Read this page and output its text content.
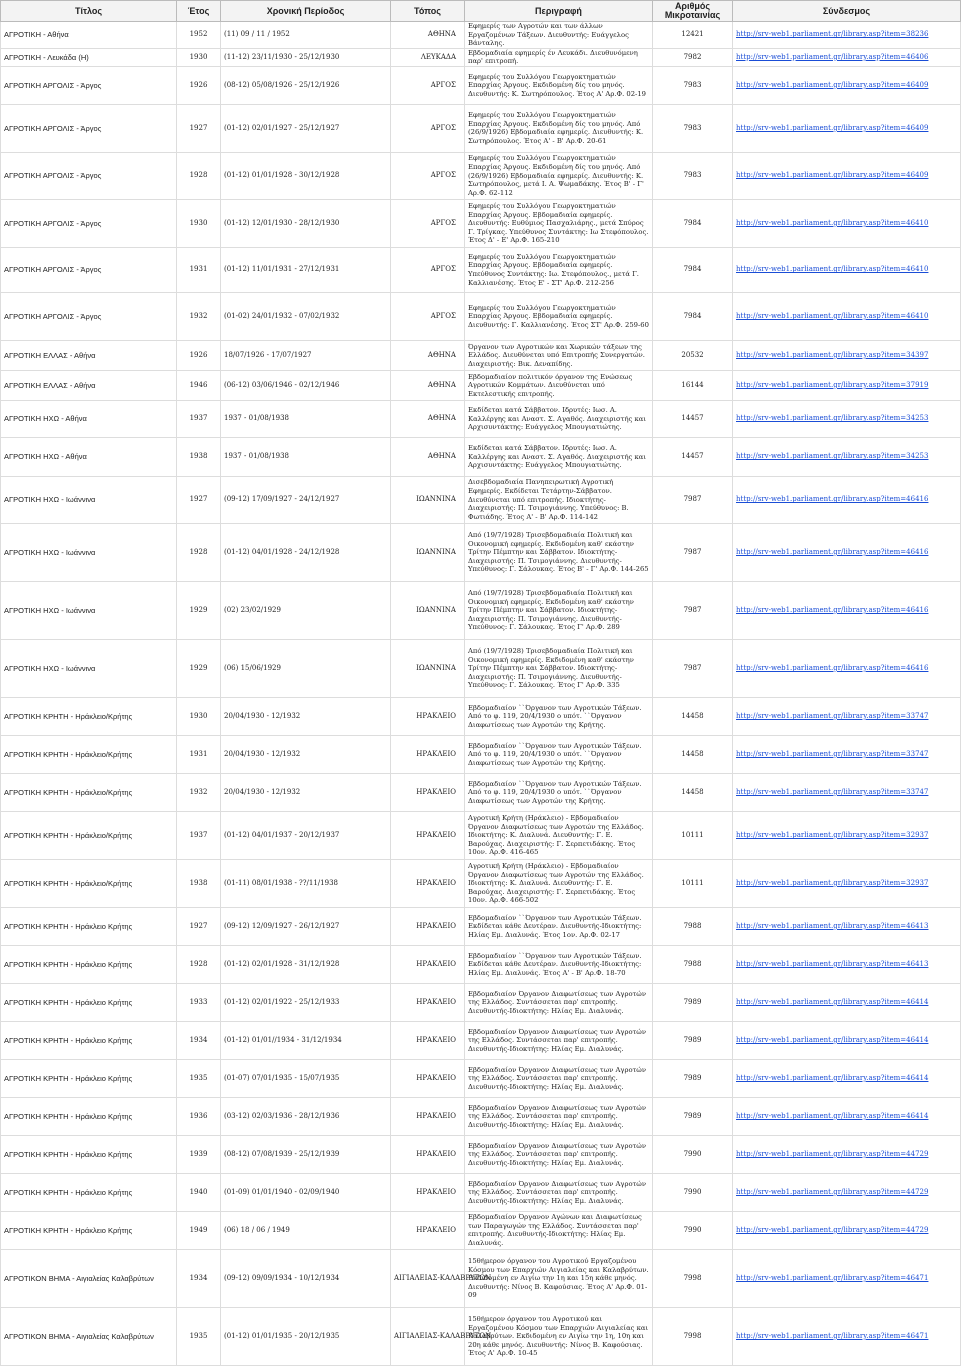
Τίτλος	Έτος	Χρονική Περίοδος	Τόπος	Περιγραφή	Αριθμός Μικροταινίας	Σύνδεσμος
ΑΓΡΟΤΙΚΗ - Αθήνα	1952	(11) 09 / 11 / 1952	ΑΘΗΝΑ	Εφημερίς των Αγροτών και των άλλων Εργαζομένων Τάξεων. Διευθυντής: Ευάγγελος Βάνταλης.	12421	http://srv-web1.parliament.gr/library.asp?item=38236
ΑΓΡΟΤΙΚΗ - Λευκάδα (Η)	1930	(11-12) 23/11/1930 - 25/12/1930	ΛΕΥΚΑΔΑ	Εβδομαδιαία εφημερίς έν Λευκάδι. Διευθυνόμενη παρ' επιτροπή.	7982	http://srv-web1.parliament.gr/library.asp?item=46406
ΑΓΡΟΤΙΚΗ ΑΡΓΟΛΙΣ - Άργος	1926	(08-12) 05/08/1926 - 25/12/1926	ΑΡΓΟΣ	Εφημερίς του Συλλόγου Γεωργοκτηματιών Επαρχίας Άργους. Εκδιδομένη δίς του μηνός. Διευθυντής: Κ. Σωτηρόπουλος. Έτος Α' Αρ.Φ. 02-19	7983	http://srv-web1.parliament.gr/library.asp?item=46409
ΑΓΡΟΤΙΚΗ ΑΡΓΟΛΙΣ - Άργος	1927	(01-12) 02/01/1927 - 25/12/1927	ΑΡΓΟΣ	Εφημερίς του Συλλόγου Γεωργοκτηματιών Επαρχίας Άργους. Εκδιδομένη δίς του μηνός. Από (26/9/1926) Εβδομαδιαία εφημερίς. Διευθυντής: Κ. Σωτηρόπουλος. Έτος Α' - Β' Αρ.Φ. 20-61	7983	http://srv-web1.parliament.gr/library.asp?item=46409
ΑΓΡΟΤΙΚΗ ΑΡΓΟΛΙΣ - Άργος	1928	(01-12) 01/01/1928 - 30/12/1928	ΑΡΓΟΣ	Εφημερίς του Συλλόγου Γεωργοκτηματιών Επαρχίας Άργους. Εκδιδομένη δίς του μηνός. Από (26/9/1926) Εβδομαδιαία εφημερίς. Διευθυντής: Κ. Σωτηρόπουλος, μετά Ι. Α. Ψωμαδάκης. Έτος Β' - Γ' Αρ.Φ. 62-112	7983	http://srv-web1.parliament.gr/library.asp?item=46409
ΑΓΡΟΤΙΚΗ ΑΡΓΟΛΙΣ - Άργος	1930	(01-12) 12/01/1930 - 28/12/1930	ΑΡΓΟΣ	Εφημερίς του Συλλόγου Γεωργοκτηματιών Επαρχίας Άργους. Εβδομαδιαία εφημερίς. Διευθυντής: Ευθύμιος Πασχαλιάρης., μετά Σπύρος Γ. Τρίγκας. Υπεύθυνος Συντάκτης: Ιω Στεφόπουλος. Έτος Δ' - Ε' Αρ.Φ. 165-210	7984	http://srv-web1.parliament.gr/library.asp?item=46410
ΑΓΡΟΤΙΚΗ ΑΡΓΟΛΙΣ - Άργος	1931	(01-12) 11/01/1931 - 27/12/1931	ΑΡΓΟΣ	Εφημερίς του Συλλόγου Γεωργοκτηματιών Επαρχίας Άργους. Εβδομαδιαία εφημερίς. Υπεύθυνος Συντάκτης: Ιω. Στεφόπουλος., μετά Γ. Καλλιανέσης. Έτος Ε' - ΣΤ' Αρ.Φ. 212-256	7984	http://srv-web1.parliament.gr/library.asp?item=46410
ΑΓΡΟΤΙΚΗ ΑΡΓΟΛΙΣ - Άργος	1932	(01-02) 24/01/1932 - 07/02/1932	ΑΡΓΟΣ	Εφημερίς του Συλλόγου Γεωργοκτηματιών Επαρχίας Άργους. Εβδομαδιαία εφημερίς. Διευθυντής: Γ. Καλλιανέσης. Έτος ΣΤ' Αρ.Φ. 259-60	7984	http://srv-web1.parliament.gr/library.asp?item=46410
ΑΓΡΟΤΙΚΗ ΕΛΛΑΣ - Αθήνα	1926	18/07/1926 - 17/07/1927	ΑΘΗΝΑ	Όργανον των Αγροτικών και Χωρικών τάξεων της Ελλάδος. Διευθύνεται υπό Επιτροπής Συνεργατών. Διαχειριστής: Βικ. Δεναπίδης.	20532	http://srv-web1.parliament.gr/library.asp?item=34397
ΑΓΡΟΤΙΚΗ ΕΛΛΑΣ - Αθήνα	1946	(06-12) 03/06/1946 - 02/12/1946	ΑΘΗΝΑ	Εβδομαδιαίον πολιτικόν όργανον της Ενώσεως Αγροτικών Κομμάτων. Διευθύνεται υπό Εκτελεστικής επιτροπής.	16144	http://srv-web1.parliament.gr/library.asp?item=37919
ΑΓΡΟΤΙΚΗ ΗΧΩ - Αθήνα	1937	1937 - 01/08/1938	ΑΘΗΝΑ	Εκδίδεται κατά Σάββατον. Ιδρυτές: Ιωσ. Α. Καλλέργης και Αναστ. Σ. Αγαθός. Διαχειριστής και Αρχισυντάκτης: Ευάγγελος Μπουγιατιώτης.	14457	http://srv-web1.parliament.gr/library.asp?item=34253
ΑΓΡΟΤΙΚΗ ΗΧΩ - Αθήνα	1938	1937 - 01/08/1938	ΑΘΗΝΑ	Εκδίδεται κατά Σάββατον. Ιδρυτές: Ιωσ. Α. Καλλέργης και Αναστ. Σ. Αγαθός. Διαχειριστής και Αρχισυντάκτης: Ευάγγελος Μπουγιατιώτης.	14457	http://srv-web1.parliament.gr/library.asp?item=34253
ΑΓΡΟΤΙΚΗ ΗΧΩ - Ιωάννινα	1927	(09-12) 17/09/1927 - 24/12/1927	ΙΩΑΝΝΙΝΑ	Δισεβδομαδιαία Πανηπειρωτική Αγροτική Εφημερίς. Εκδίδεται Τετάρτην-Σάββατον. Διευθύνεται υπό επιτροπής. Ιδιοκτήτης-Διαχειριστής: Π. Τσιμογιάννης. Υπεύθυνος: Β. Φωτιάδης. Έτος Α' - Β' Αρ.Φ. 114-142	7987	http://srv-web1.parliament.gr/library.asp?item=46416
ΑΓΡΟΤΙΚΗ ΗΧΩ - Ιωάννινα	1928	(01-12) 04/01/1928 - 24/12/1928	ΙΩΑΝΝΙΝΑ	Από (19/7/1928) Τρισεβδομαδιαία Πολιτική και Οικονομική εφημερίς. Εκδιδομένη καθ' εκάστην Τρίτην Πέμπτην και Σάββατον. Ιδιοκτήτης-Διαχειριστής: Π. Τσιμογιάννης. Διευθυντής-Υπεύθυνος: Γ. Σάλουκας. Έτος Β' - Γ' Αρ.Φ. 144-265	7987	http://srv-web1.parliament.gr/library.asp?item=46416
ΑΓΡΟΤΙΚΗ ΗΧΩ - Ιωάννινα	1929	(02) 23/02/1929	ΙΩΑΝΝΙΝΑ	Από (19/7/1928) Τρισεβδομαδιαία Πολιτική και Οικονομική εφημερίς. Εκδιδομένη καθ' εκάστην Τρίτην Πέμπτην και Σάββατον. Ιδιοκτήτης-Διαχειριστής: Π. Τσιμογιάννης. Διευθυντής-Υπεύθυνος: Γ. Σάλουκας. Έτος Γ' Αρ.Φ. 289	7987	http://srv-web1.parliament.gr/library.asp?item=46416
ΑΓΡΟΤΙΚΗ ΗΧΩ - Ιωάννινα	1929	(06) 15/06/1929	ΙΩΑΝΝΙΝΑ	Από (19/7/1928) Τρισεβδομαδιαία Πολιτική και Οικονομική εφημερίς. Εκδιδομένη καθ' εκάστην Τρίτην Πέμπτην και Σάββατον. Ιδιοκτήτης-Διαχειριστής: Π. Τσιμογιάννης. Διευθυντής-Υπεύθυνος: Γ. Σάλουκας. Έτος Γ' Αρ.Φ. 335	7987	http://srv-web1.parliament.gr/library.asp?item=46416
ΑΓΡΟΤΙΚΗ ΚΡΗΤΗ - Ηράκλειο/Κρήτης	1930	20/04/1930 - 12/1932	ΗΡΑΚΛΕΙΟ	Εβδομαδιαίον ``Όργανον των Αγροτικών Τάξεων. Από το φ. 119, 20/4/1930 ο υπότ. ``Όργανον Διαφωτίσεως των Αγροτών της Κρήτης.	14458	http://srv-web1.parliament.gr/library.asp?item=33747
ΑΓΡΟΤΙΚΗ ΚΡΗΤΗ - Ηράκλειο/Κρήτης	1931	20/04/1930 - 12/1932	ΗΡΑΚΛΕΙΟ	Εβδομαδιαίον ``Όργανον των Αγροτικών Τάξεων. Από το φ. 119, 20/4/1930 ο υπότ. ``Όργανον Διαφωτίσεως των Αγροτών της Κρήτης.	14458	http://srv-web1.parliament.gr/library.asp?item=33747
ΑΓΡΟΤΙΚΗ ΚΡΗΤΗ - Ηράκλειο/Κρήτης	1932	20/04/1930 - 12/1932	ΗΡΑΚΛΕΙΟ	Εβδομαδιαίον ``Όργανον των Αγροτικών Τάξεων. Από το φ. 119, 20/4/1930 ο υπότ. ``Όργανον Διαφωτίσεως των Αγροτών της Κρήτης.	14458	http://srv-web1.parliament.gr/library.asp?item=33747
ΑΓΡΟΤΙΚΗ ΚΡΗΤΗ - Ηράκλειο/Κρήτης	1937	(01-12) 04/01/1937 - 20/12/1937	ΗΡΑΚΛΕΙΟ	Αγροτική Κρήτη (Ηράκλειο) - Εβδομαδιαίον Όργανον Διαφωτίσεως των Αγροτών της Ελλάδος. Ιδιοκτήτης: Κ. Διαλυνά. Διευθυντής: Γ. Ε. Βαρούχας. Διαχειριστής: Γ. Σερπετιδάκης. Έτος 10ον. Αρ.Φ. 416-465	10111	http://srv-web1.parliament.gr/library.asp?item=32937
ΑΓΡΟΤΙΚΗ ΚΡΗΤΗ - Ηράκλειο/Κρήτης	1938	(01-11) 08/01/1938 - ??/11/1938	ΗΡΑΚΛΕΙΟ	Αγροτική Κρήτη (Ηράκλειο) - Εβδομαδιαίον Όργανον Διαφωτίσεως των Αγροτών της Ελλάδος. Ιδιοκτήτης: Κ. Διαλυνά. Διευθυντής: Γ. Ε. Βαρούχας. Διαχειριστής: Γ. Σερπετιδάκης. Έτος 10ον. Αρ.Φ. 466-502	10111	http://srv-web1.parliament.gr/library.asp?item=32937
ΑΓΡΟΤΙΚΗ ΚΡΗΤΗ - Ηράκλειο Κρήτης	1927	(09-12) 12/09/1927 - 26/12/1927	ΗΡΑΚΛΕΙΟ	Εβδομαδιαίον ``Όργανον των Αγροτικών Τάξεων. Εκδίδεται κάθε Δευτέραν. Διευθυντής-Ιδιοκτήτης: Ηλίας Εμ. Διαλυνάς. Έτος 1ον. Αρ.Φ. 02-17	7988	http://srv-web1.parliament.gr/library.asp?item=46413
ΑΓΡΟΤΙΚΗ ΚΡΗΤΗ - Ηράκλειο Κρήτης	1928	(01-12) 02/01/1928 - 31/12/1928	ΗΡΑΚΛΕΙΟ	Εβδομαδιαίον ``Όργανον των Αγροτικών Τάξεων. Εκδίδεται κάθε Δευτέραν. Διευθυντής-Ιδιοκτήτης: Ηλίας Εμ. Διαλυνάς. Έτος Α' - Β' Αρ.Φ. 18-70	7988	http://srv-web1.parliament.gr/library.asp?item=46413
ΑΓΡΟΤΙΚΗ ΚΡΗΤΗ - Ηράκλειο Κρήτης	1933	(01-12) 02/01/1922 - 25/12/1933	ΗΡΑΚΛΕΙΟ	Εβδομαδιαίον Όργανον Διαφωτίσεως των Αγροτών της Ελλάδος. Συντάσσεται παρ' επιτροπής. Διευθυντής-Ιδιοκτήτης: Ηλίας Εμ. Διαλυνάς.	7989	http://srv-web1.parliament.gr/library.asp?item=46414
ΑΓΡΟΤΙΚΗ ΚΡΗΤΗ - Ηράκλειο Κρήτης	1934	(01-12) 01/01//1934 - 31/12/1934	ΗΡΑΚΛΕΙΟ	Εβδομαδιαίον Όργανον Διαφωτίσεως των Αγροτών της Ελλάδος. Συντάσσεται παρ' επιτροπής. Διευθυντής-Ιδιοκτήτης: Ηλίας Εμ. Διαλυνάς.	7989	http://srv-web1.parliament.gr/library.asp?item=46414
ΑΓΡΟΤΙΚΗ ΚΡΗΤΗ - Ηράκλειο Κρήτης	1935	(01-07) 07/01/1935 - 15/07/1935	ΗΡΑΚΛΕΙΟ	Εβδομαδιαίον Όργανον Διαφωτίσεως των Αγροτών της Ελλάδος. Συντάσσεται παρ' επιτροπής. Διευθυντής-Ιδιοκτήτης: Ηλίας Εμ. Διαλυνάς.	7989	http://srv-web1.parliament.gr/library.asp?item=46414
ΑΓΡΟΤΙΚΗ ΚΡΗΤΗ - Ηράκλειο Κρήτης	1936	(03-12) 02/03/1936 - 28/12/1936	ΗΡΑΚΛΕΙΟ	Εβδομαδιαίον Όργανον Διαφωτίσεως των Αγροτών της Ελλάδος. Συντάσσεται παρ' επιτροπής. Διευθυντής-Ιδιοκτήτης: Ηλίας Εμ. Διαλυνάς.	7989	http://srv-web1.parliament.gr/library.asp?item=46414
ΑΓΡΟΤΙΚΗ ΚΡΗΤΗ - Ηράκλειο Κρήτης	1939	(08-12) 07/08/1939 - 25/12/1939	ΗΡΑΚΛΕΙΟ	Εβδομαδιαίον Όργανον Διαφωτίσεως των Αγροτών της Ελλάδος. Συντάσσεται παρ' επιτροπής. Διευθυντής-Ιδιοκτήτης: Ηλίας Εμ. Διαλυνάς.	7990	http://srv-web1.parliament.gr/library.asp?item=44729
ΑΓΡΟΤΙΚΗ ΚΡΗΤΗ - Ηράκλειο Κρήτης	1940	(01-09) 01/01/1940 - 02/09/1940	ΗΡΑΚΛΕΙΟ	Εβδομαδιαίον Όργανον Διαφωτίσεως των Αγροτών της Ελλάδος. Συντάσσεται παρ' επιτροπής. Διευθυντής-Ιδιοκτήτης: Ηλίας Εμ. Διαλυνάς.	7990	http://srv-web1.parliament.gr/library.asp?item=44729
ΑΓΡΟΤΙΚΗ ΚΡΗΤΗ - Ηράκλειο Κρήτης	1949	(06) 18 / 06 / 1949	ΗΡΑΚΛΕΙΟ	Εβδομαδιαίον Όργανον Αγώνων και Διαφωτίσεως των Παραγωγών της Ελλάδος. Συντάσσεται παρ' επιτροπής. Διευθυντής-Ιδιοκτήτης: Ηλίας Εμ. Διαλυνάς.	7990	http://srv-web1.parliament.gr/library.asp?item=44729
ΑΓΡΟΤΙΚΟΝ ΒΗΜΑ - Αιγιαλείας Καλαβρύτων	1934	(09-12) 09/09/1934 - 10/12/1934	ΑΙΓΙΑΛΕΙΑΣ-ΚΑΛΑΒΡΥΤΩΝ	15θήμερον όργανον του Αγροτικού Εργαζομένου Κόσμου των Επαρχιών Αιγιαλείας και Καλαβρύτων. Εκδιδομένη εν Αιγίω την 1η και 15η κάθε μηνός. Διευθυντής: Νίνος Β. Καφούσιας. Έτος Α' Αρ.Φ. 01-09	7998	http://srv-web1.parliament.gr/library.asp?item=46471
ΑΓΡΟΤΙΚΟΝ ΒΗΜΑ - Αιγιαλείας Καλαβρύτων	1935	(01-12) 01/01/1935 - 20/12/1935	ΑΙΓΙΑΛΕΙΑΣ-ΚΑΛΑΒΡΥΤΩΝ	15θήμερον όργανον του Αγροτικού και Εργαζομένου Κόσμου των Επαρχιών Αιγιαλείας και Καλαβρύτων. Εκδιδομένη εν Αιγίω την 1η, 10η και 20η κάθε μηνός. Διευθυντής: Νίνος Β. Καφούσιας. Έτος Α' Αρ.Φ. 10-45	7998	http://srv-web1.parliament.gr/library.asp?item=46471
